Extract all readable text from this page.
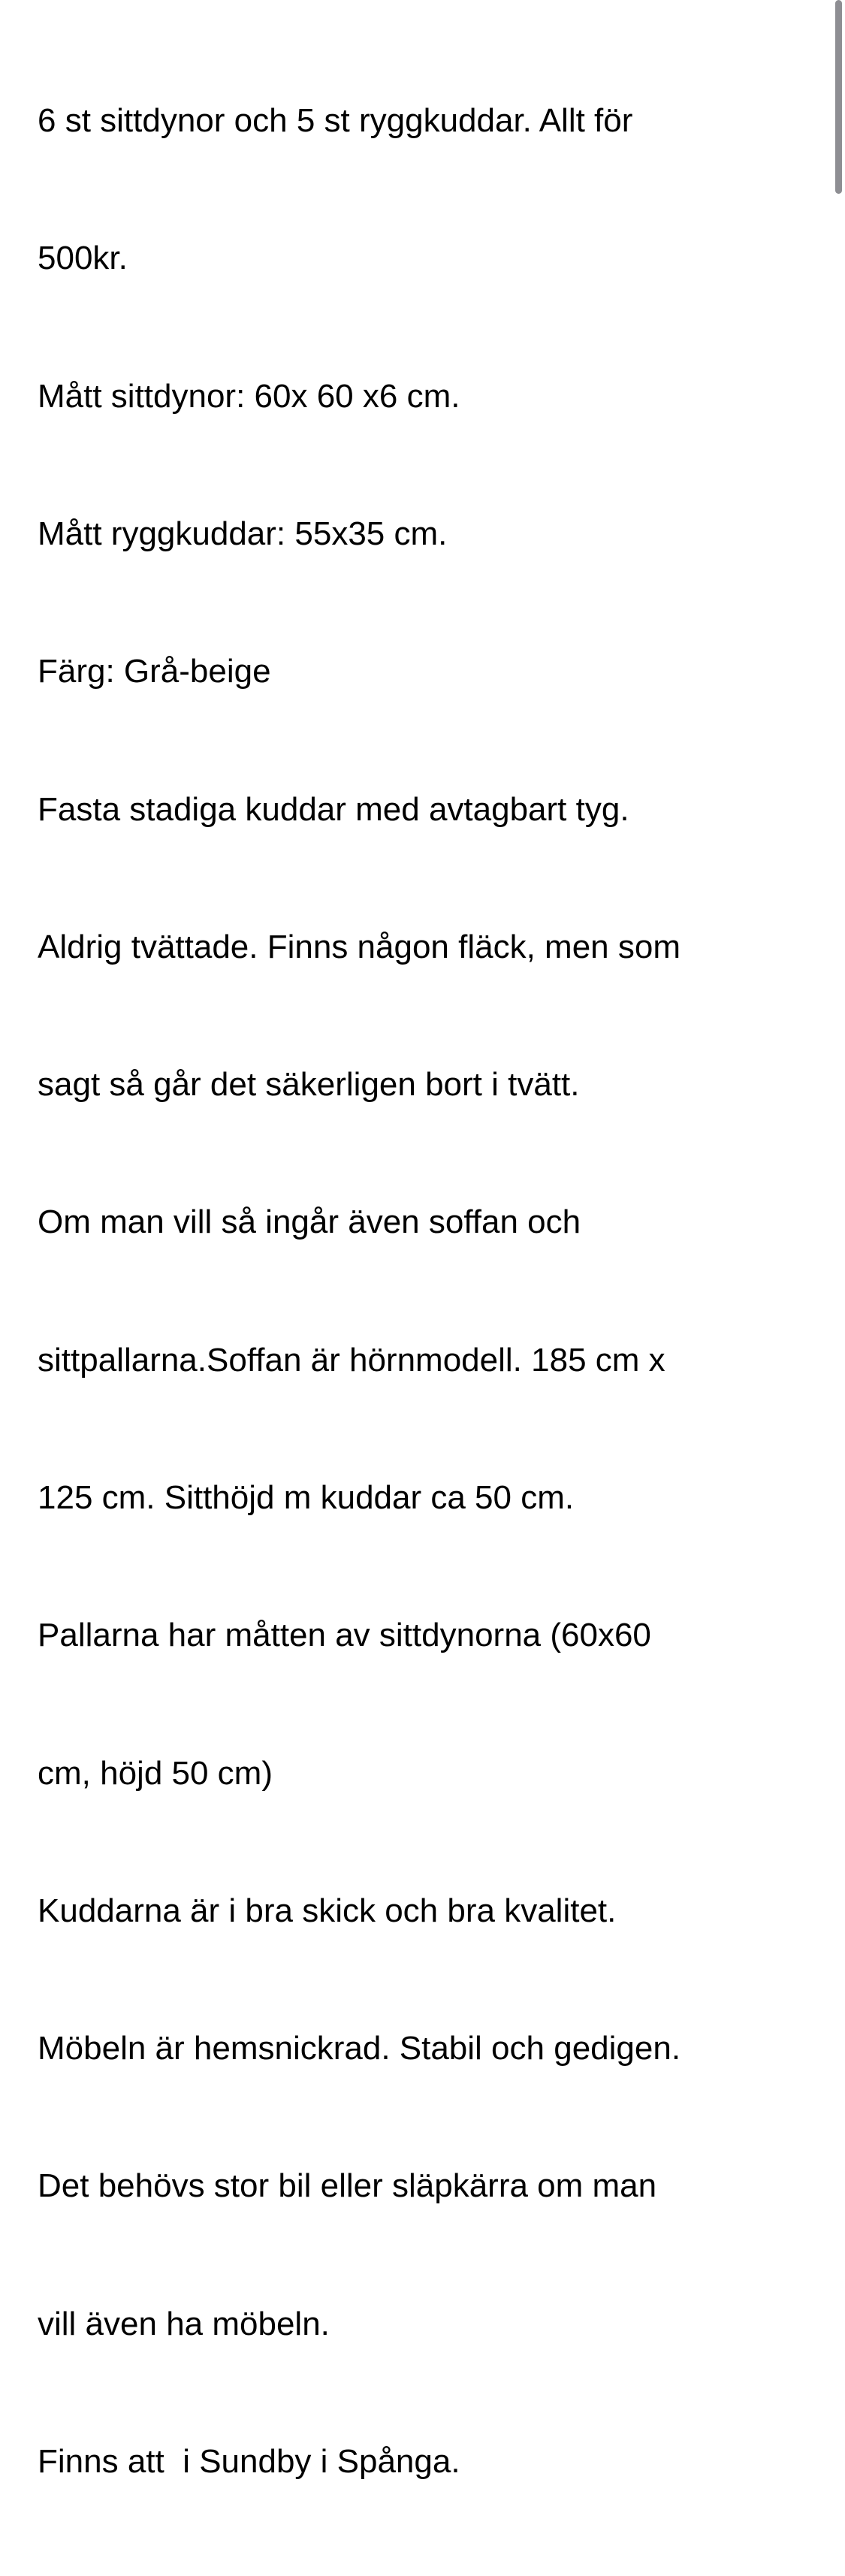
6 st sittdynor och 5 st ryggkuddar. Allt för

500kr.

Mått sittdynor: 60x 60 x6 cm.

Mått ryggkuddar: 55x35 cm.

Färg: Grå-beige

Fasta stadiga kuddar med avtagbart tyg.

Aldrig tvättade. Finns någon fläck, men som

sagt så går det säkerligen bort i tvätt.

Om man vill så ingår även soffan och

sittpallarna.Soffan är hörnmodell. 185 cm x

125 cm. Sitthöjd m kuddar ca 50 cm.

Pallarna har måtten av sittdynorna (60x60

cm, höjd 50 cm)

Kuddarna är i bra skick och bra kvalitet.

Möbeln är hemsnickrad. Stabil och gedigen.

Det behövs stor bil eller släpkärra om man

vill även ha möbeln.

Finns att  i Sundby i Spånga.
